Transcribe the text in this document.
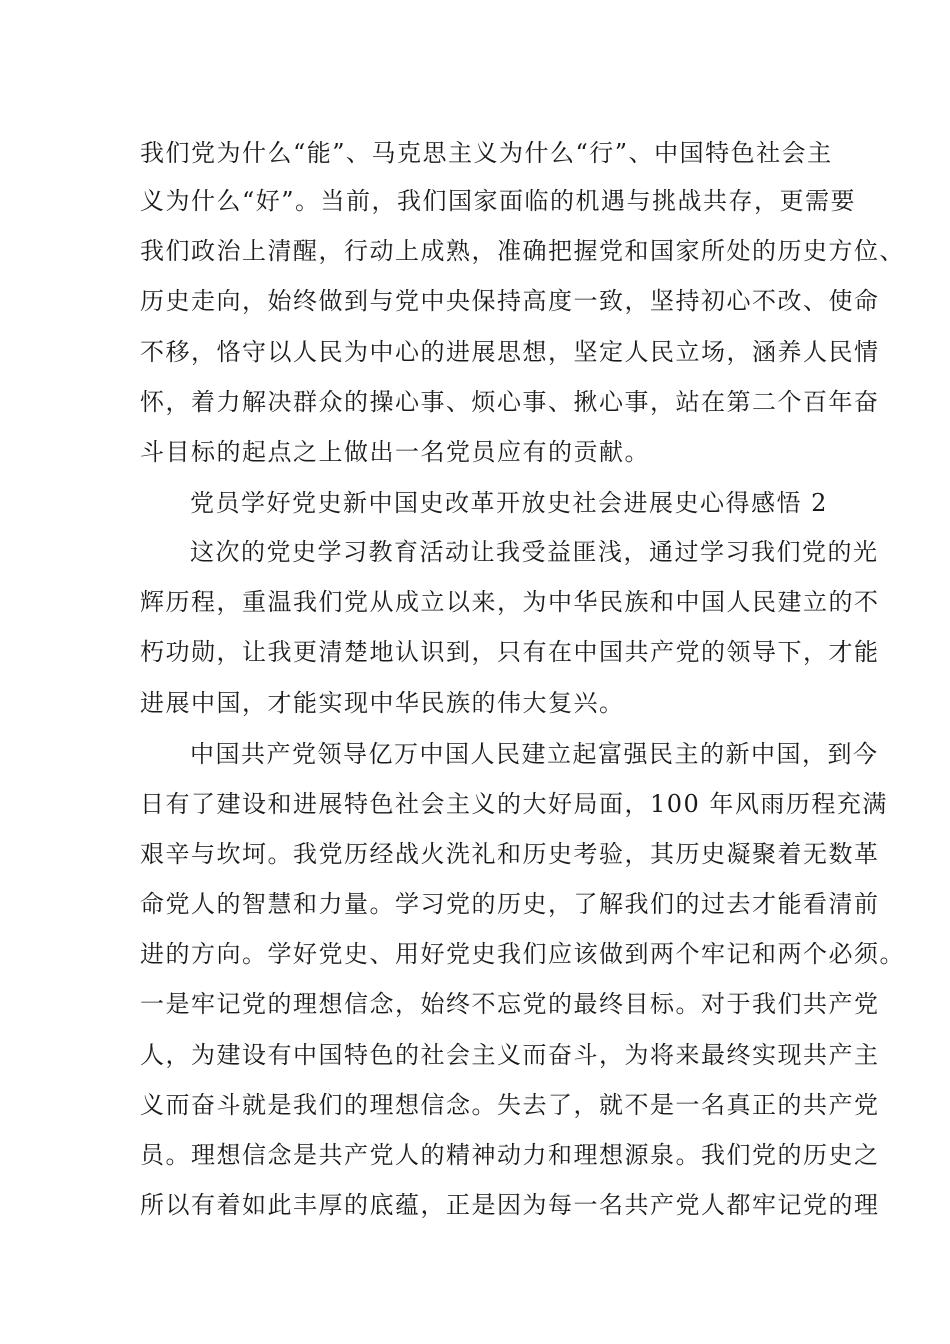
我们党为什么“能”、马克思主义为什么“行”、中国特色社会主
义为什么“好”。当前，我们国家面临的机遇与挑战共存，更需要
我们政治上清醒，行动上成熟，准确把握党和国家所处的历史方位、
历史走向，始终做到与党中央保持高度一致，坚持初心不改、使命
不移，恪守以人民为中心的进展思想，坚定人民立场，涵养人民情
怀，着力解决群众的操心事、烦心事、揪心事，站在第二个百年奋
斗目标的起点之上做出一名党员应有的贡献。
党员学好党史新中国史改革开放史社会进展史心得感悟 2
这次的党史学习教育活动让我受益匪浅，通过学习我们党的光
辉历程，重温我们党从成立以来，为中华民族和中国人民建立的不
朽功勋，让我更清楚地认识到，只有在中国共产党的领导下，才能
进展中国，才能实现中华民族的伟大复兴。
中国共产党领导亿万中国人民建立起富强民主的新中国，到今
日有了建设和进展特色社会主义的大好局面，100 年风雨历程充满
艰辛与坎坷。我党历经战火洗礼和历史考验，其历史凝聚着无数革
命党人的智慧和力量。学习党的历史，了解我们的过去才能看清前
进的方向。学好党史、用好党史我们应该做到两个牢记和两个必须。
一是牢记党的理想信念，始终不忘党的最终目标。对于我们共产党
人，为建设有中国特色的社会主义而奋斗，为将来最终实现共产主
义而奋斗就是我们的理想信念。失去了，就不是一名真正的共产党
员。理想信念是共产党人的精神动力和理想源泉。我们党的历史之
所以有着如此丰厚的底蕴，正是因为每一名共产党人都牢记党的理
